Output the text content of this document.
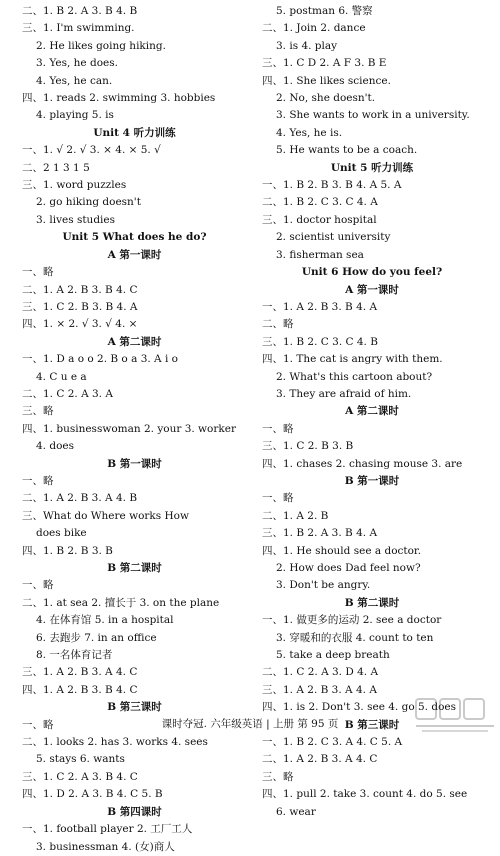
二、1. B 2. A 3. B 4. B
三、1. I'm swimming.
2. He likes going hiking.
3. Yes, he does.
4. Yes, he can.
四、1. reads 2. swimming 3. hobbies
4. playing 5. is
Unit 4 听力训练
一、1. √ 2. √ 3. × 4. × 5. √
二、2 1 3 1 5
三、1. word puzzles
2. go hiking doesn't
3. lives studies
Unit 5 What does he do?
A 第一课时
一、略
二、1. A 2. B 3. B 4. C
三、1. C 2. B 3. B 4. A
四、1. × 2. √ 3. √ 4. ×
A 第二课时
一、1. D a o o 2. B o a 3. A i o
4. C u e a
二、1. C 2. A 3. A
三、略
四、1. businesswoman 2. your 3. worker
4. does
B 第一课时
一、略
二、1. A 2. B 3. A 4. B
三、What do Where works How
does bike
四、1. B 2. B 3. B
B 第二课时
一、略
二、1. at sea 2. 擅长于 3. on the plane
4. 在体育馆 5. in a hospital
6. 去跑步 7. in an office
8. 一名体育记者
三、1. A 2. B 3. A 4. C
四、1. A 2. B 3. B 4. C
B 第三课时
一、略
二、1. looks 2. has 3. works 4. sees
5. stays 6. wants
三、1. C 2. A 3. B 4. C
四、1. D 2. A 3. B 4. C 5. B
B 第四课时
一、1. football player 2. 工厂工人
3. businessman 4. (女)商人
5. postman 6. 警察
二、1. Join 2. dance
3. is 4. play
三、1. C D 2. A F 3. B E
四、1. She likes science.
2. No, she doesn't.
3. She wants to work in a university.
4. Yes, he is.
5. He wants to be a coach.
Unit 5 听力训练
一、1. B 2. B 3. B 4. A 5. A
二、1. B 2. C 3. C 4. A
三、1. doctor hospital
2. scientist university
3. fisherman sea
Unit 6 How do you feel?
A 第一课时
一、1. A 2. B 3. B 4. A
二、略
三、1. B 2. C 3. C 4. B
四、1. The cat is angry with them.
2. What's this cartoon about?
3. They are afraid of him.
A 第二课时
一、略
三、1. C 2. B 3. B
四、1. chases 2. chasing mouse 3. are
B 第一课时
一、略
二、1. A 2. B
三、1. B 2. A 3. B 4. A
四、1. He should see a doctor.
2. How does Dad feel now?
3. Don't be angry.
B 第二课时
一、1. 做更多的运动 2. see a doctor
3. 穿暖和的衣服 4. count to ten
5. take a deep breath
二、1. C 2. A 3. D 4. A
三、1. A 2. B 3. A 4. A
四、1. is 2. Don't 3. see 4. go 5. does
B 第三课时
一、1. B 2. C 3. A 4. C 5. A
二、1. A 2. B 3. A 4. C
三、略
四、1. pull 2. take 3. count 4. do 5. see
6. wear
课时夺冠. 六年级英语 | 上册 第 95 页
